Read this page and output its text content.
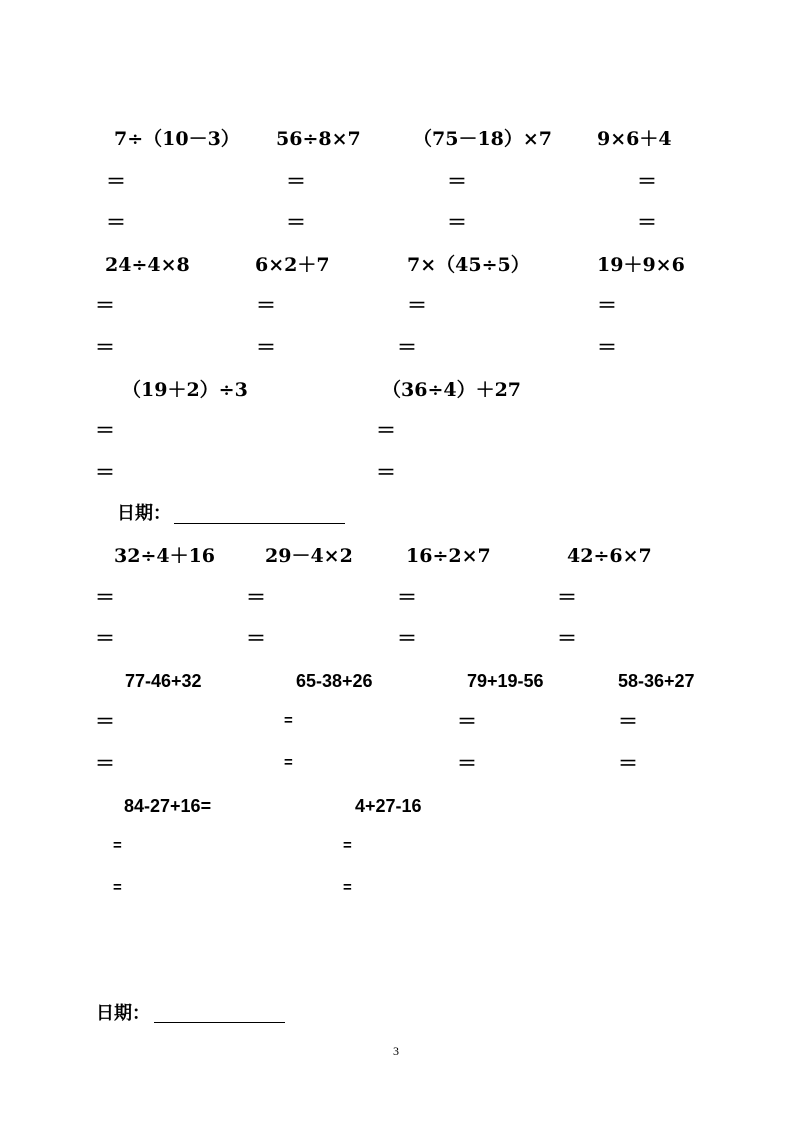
7÷（10－3） 56÷8×7	（75－18）×7 9×6＋4
＝	＝	＝	＝
＝	＝	＝	＝
24÷4×8	6×2＋7	7×（45÷5）	19＋9×6
＝	＝	＝	＝
＝	＝	＝	＝
（19＋2）÷3	（36÷4）＋27
＝	＝
＝	＝
日期：
32÷4＋16	29－4×2	16÷2×7	42÷6×7
＝	＝	＝	＝
＝	＝	＝	＝
77-46+32	65-38+26	79+19-56	58-36+27
＝	=	＝	＝
＝	=	＝	＝
84-27+16=	4+27-16
=	=
=	=
日期：
3
